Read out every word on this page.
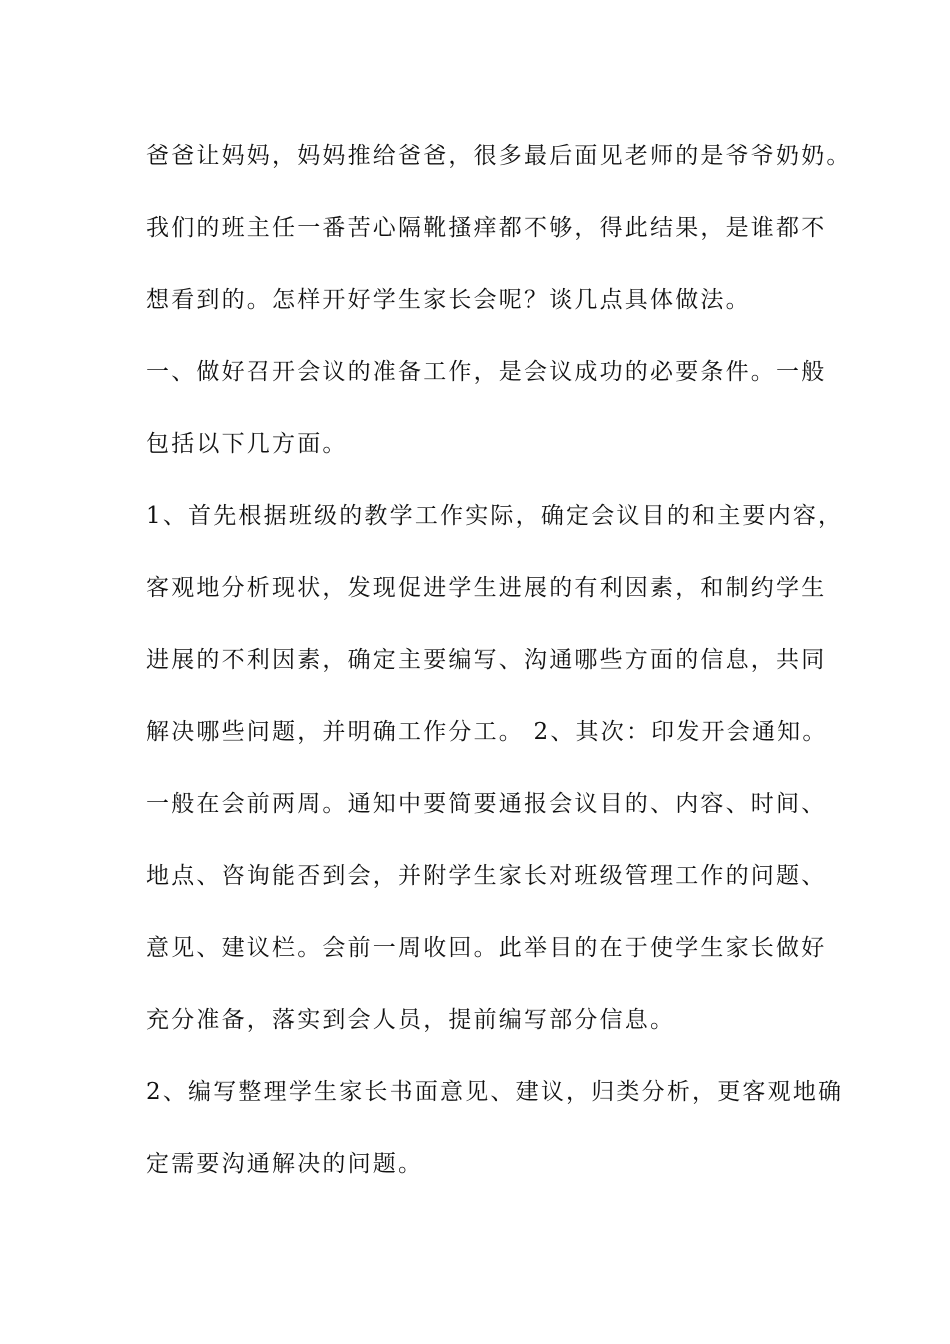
爸爸让妈妈，妈妈推给爸爸，很多最后面见老师的是爷爷奶奶。
我们的班主任一番苦心隔靴搔痒都不够，得此结果，是谁都不
想看到的。怎样开好学生家长会呢？谈几点具体做法。
一、做好召开会议的准备工作，是会议成功的必要条件。一般
包括以下几方面。
1、首先根据班级的教学工作实际，确定会议目的和主要内容，
客观地分析现状，发现促进学生进展的有利因素，和制约学生
进展的不利因素，确定主要编写、沟通哪些方面的信息，共同
解决哪些问题，并明确工作分工。 2、其次：印发开会通知。
一般在会前两周。通知中要简要通报会议目的、内容、时间、
地点、咨询能否到会，并附学生家长对班级管理工作的问题、
意见、建议栏。会前一周收回。此举目的在于使学生家长做好
充分准备，落实到会人员，提前编写部分信息。
2、编写整理学生家长书面意见、建议，归类分析，更客观地确
定需要沟通解决的问题。
